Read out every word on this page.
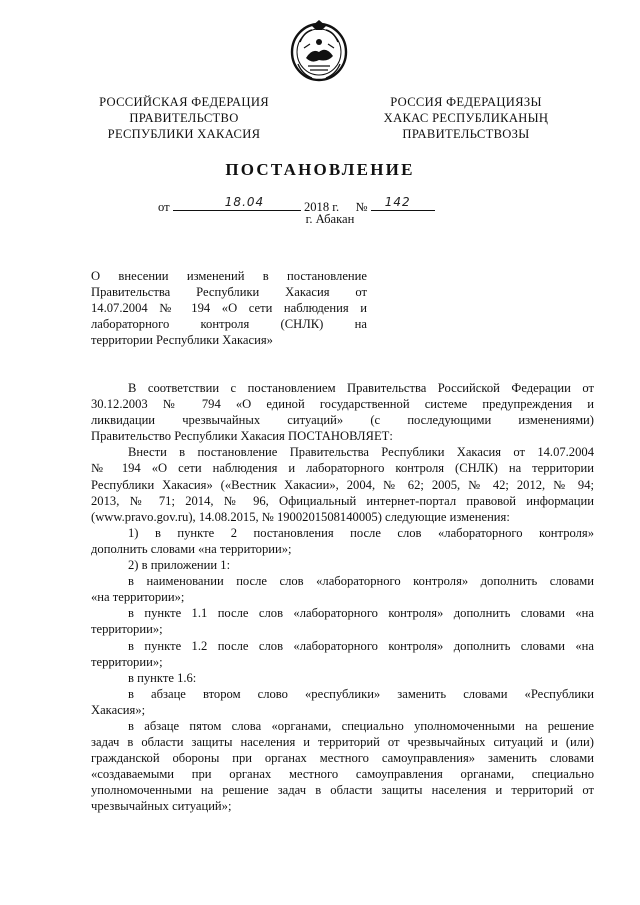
РОССИЙСКАЯ ФЕДЕРАЦИЯ
ПРАВИТЕЛЬСТВО
РЕСПУБЛИКИ ХАКАСИЯ
РОССИЯ ФЕДЕРАЦИЯЗЫ
ХАКАС РЕСПУБЛИКАНЫҢ
ПРАВИТЕЛЬСТВОЗЫ
ПОСТАНОВЛЕНИЕ
от	18.04	2018 г. № 142
г. Абакан
О внесении изменений в постановление
Правительства Республики Хакасия от
14.07.2004 № 194 «О сети наблюдения и
лабораторного контроля (СНЛК) на
территории Республики Хакасия»
В соответствии с постановлением Правительства Российской Федерации от
30.12.2003 № 794 «О единой государственной системе предупреждения и
ликвидации чрезвычайных ситуаций» (с последующими изменениями)
Правительство Республики Хакасия ПОСТАНОВЛЯЕТ:
Внести в постановление Правительства Республики Хакасия от 14.07.2004
№ 194 «О сети наблюдения и лабораторного контроля (СНЛК) на территории
Республики Хакасия» («Вестник Хакасии», 2004, № 62; 2005, № 42; 2012, № 94;
2013, № 71; 2014, № 96, Официальный интернет-портал правовой информации
(www.pravo.gov.ru), 14.08.2015, № 1900201508140005) следующие изменения:
1) в пункте 2 постановления после слов «лабораторного контроля»
дополнить словами «на территории»;
2) в приложении 1:
в наименовании после слов «лабораторного контроля» дополнить словами
«на территории»;
в пункте 1.1 после слов «лабораторного контроля» дополнить словами «на
территории»;
в пункте 1.2 после слов «лабораторного контроля» дополнить словами «на
территории»;
в пункте 1.6:
в абзаце втором слово «республики» заменить словами «Республики
Хакасия»;
в абзаце пятом слова «органами, специально уполномоченными на решение
задач в области защиты населения и территорий от чрезвычайных ситуаций и (или)
гражданской обороны при органах местного самоуправления» заменить словами
«создаваемыми при органах местного самоуправления органами, специально
уполномоченными на решение задач в области защиты населения и территорий от
чрезвычайных ситуаций»;
